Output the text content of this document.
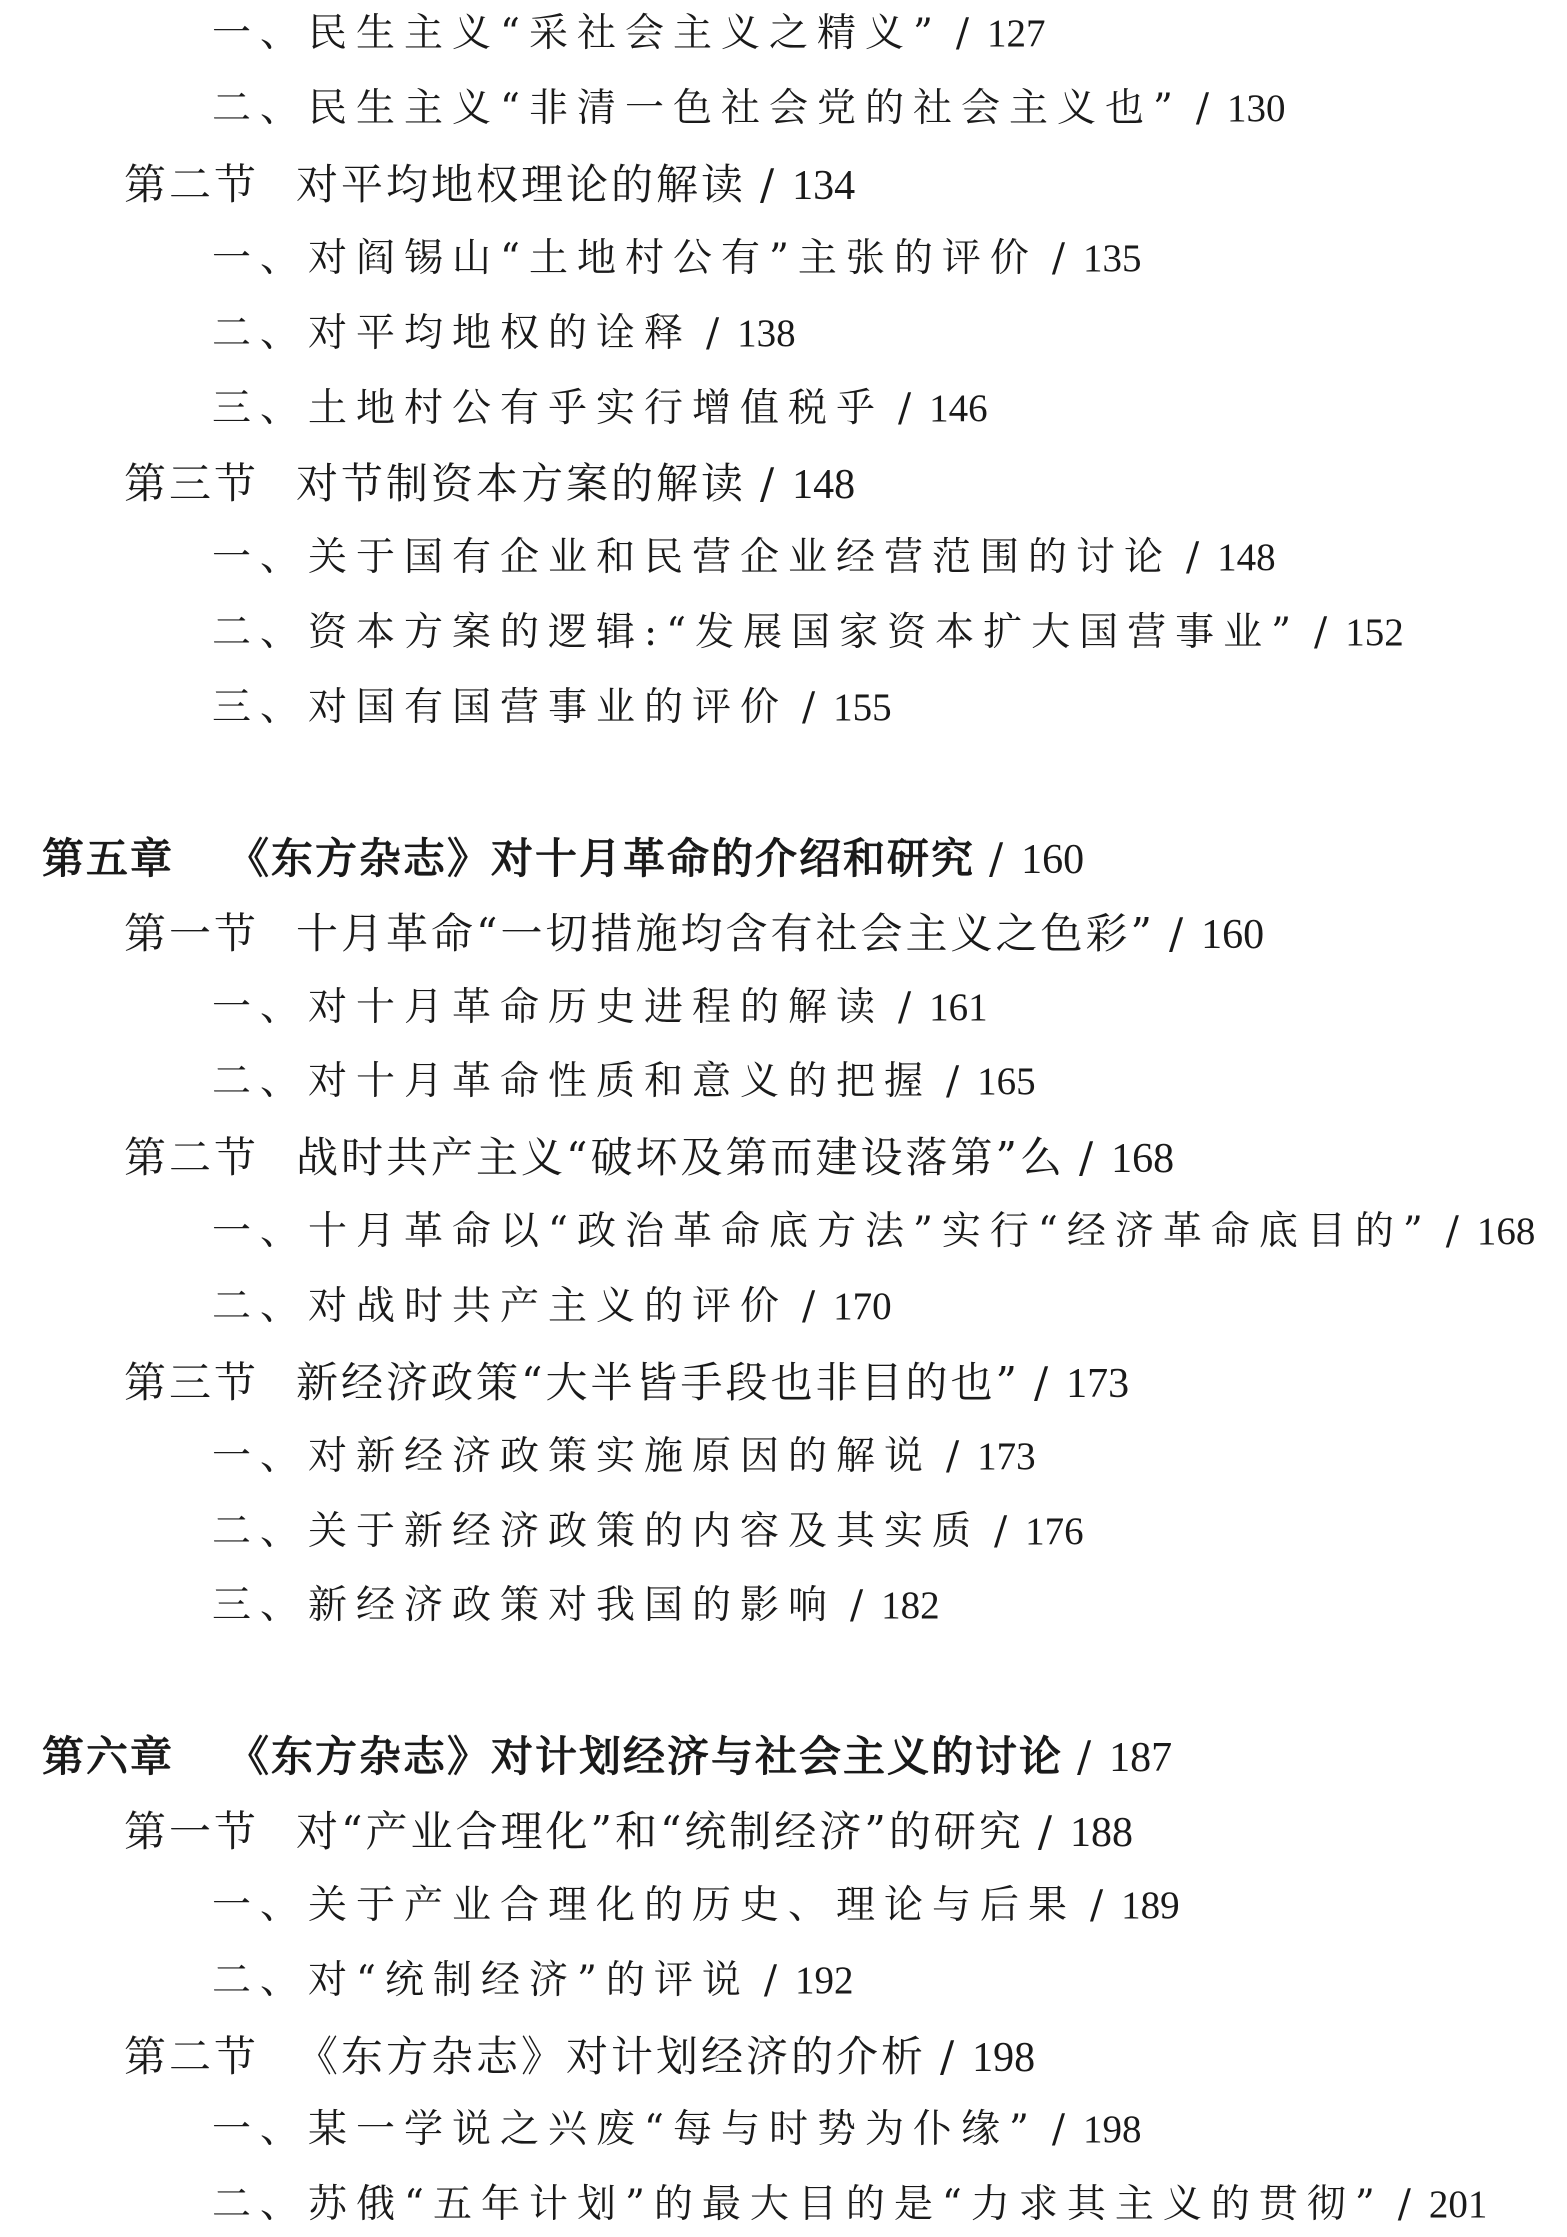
一、民生主义“采社会主义之精义” / 127
二、民生主义“非清一色社会党的社会主义也” / 130
第二节 对平均地权理论的解读 / 134
一、对阎锡山“土地村公有”主张的评价 / 135
二、对平均地权的诠释 / 138
三、土地村公有乎实行增值税乎 / 146
第三节 对节制资本方案的解读 / 148
一、关于国有企业和民营企业经营范围的讨论 / 148
二、资本方案的逻辑:“发展国家资本扩大国营事业” / 152
三、对国有国营事业的评价 / 155
第五章 《东方杂志》对十月革命的介绍和研究 / 160
第一节 十月革命“一切措施均含有社会主义之色彩” / 160
一、对十月革命历史进程的解读 / 161
二、对十月革命性质和意义的把握 / 165
第二节 战时共产主义“破坏及第而建设落第”么 / 168
一、十月革命以“政治革命底方法”实行“经济革命底目的” / 168
二、对战时共产主义的评价 / 170
第三节 新经济政策“大半皆手段也非目的也” / 173
一、对新经济政策实施原因的解说 / 173
二、关于新经济政策的内容及其实质 / 176
三、新经济政策对我国的影响 / 182
第六章 《东方杂志》对计划经济与社会主义的讨论 / 187
第一节 对“产业合理化”和“统制经济”的研究 / 188
一、关于产业合理化的历史、理论与后果 / 189
二、对“统制经济”的评说 / 192
第二节 《东方杂志》对计划经济的介析 / 198
一、某一学说之兴废“每与时势为仆缘” / 198
二、苏俄“五年计划”的最大目的是“力求其主义的贯彻” / 201
